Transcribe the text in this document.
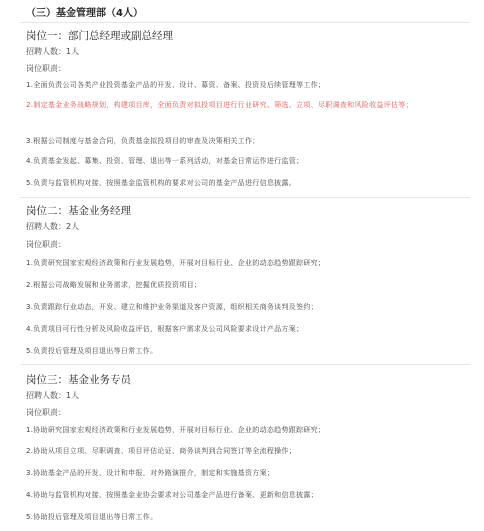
（三）基金管理部（4人）
岗位一：部门总经理或副总经理
招聘人数：1人
岗位职责：
1.全面负责公司各类产业投资基金产品的开发、设计、募资、备案、投资及后续管理等工作；
2.制定基金业务战略规划，构建项目库，全面负责对拟投项目进行行业研究、筛选、立项、尽职调查和风险收益评估等；
3.根据公司制度与基金合同，负责基金拟投项目的审查及决策相关工作；
4.负责基金发起、募集、投资、管理、退出等一系列活动，对基金日常运作进行监管；
5.负责与监管机构对接，按照基金监管机构的要求对公司的基金产品进行信息披露。
岗位二：基金业务经理
招聘人数：2人
岗位职责：
1.负责研究国家宏观经济政策和行业发展趋势，开展对目标行业、企业的动态趋势跟踪研究；
2.根据公司战略发展和业务需求，挖掘优质投资项目；
3.负责跟踪行业动态，开发、建立和维护业务渠道及客户资源，组织相关商务谈判及签约；
4.负责项目可行性分析及风险收益评估，根据客户需求及公司风险要求设计产品方案；
5.负责投后管理及项目退出等日常工作。
岗位三：基金业务专员
招聘人数：1人
岗位职责：
1.协助研究国家宏观经济政策和行业发展趋势，开展对目标行业、企业的动态趋势跟踪研究；
2.协助从项目立项、尽职调查、项目评估论证、商务谈判到合同签订等全流程操作；
3.协助基金产品的开发、设计和申报，对外路演推介，制定和实施基资方案；
4.协助与监管机构对接，按照基金业协会要求对公司基金产品进行备案、更新和信息披露；
5.协助投后管理及项目退出等日常工作。
